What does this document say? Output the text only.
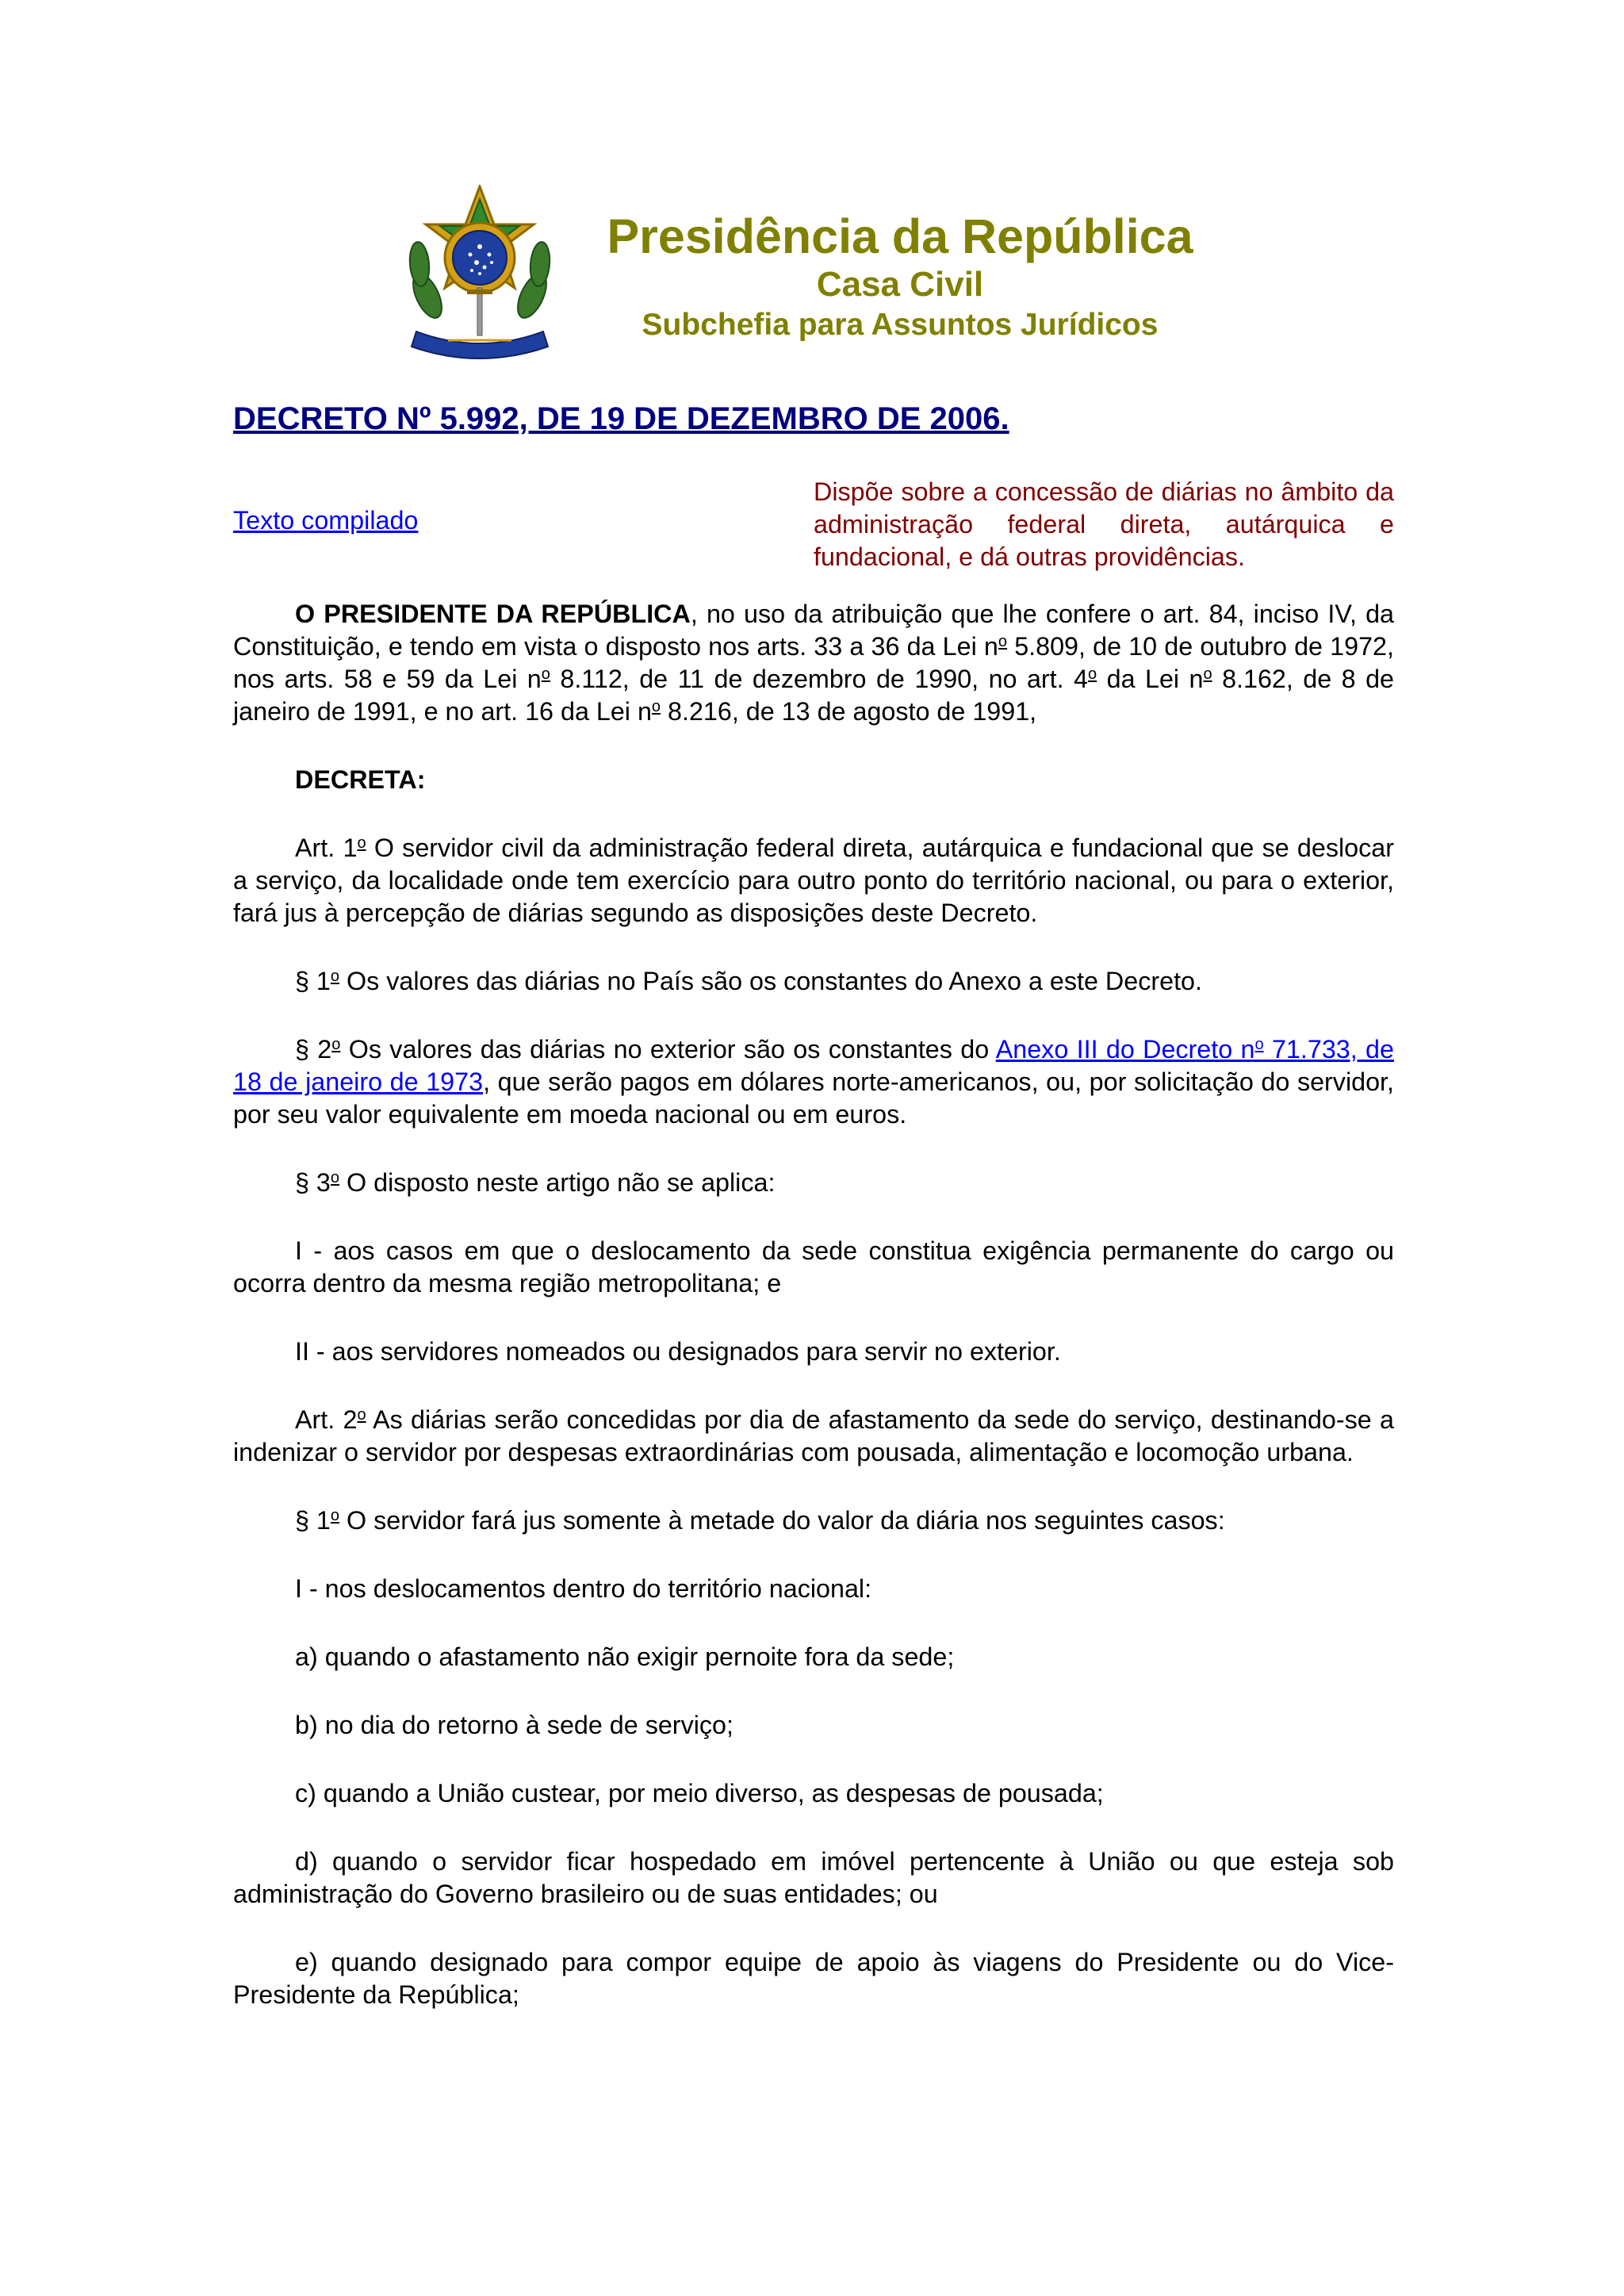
Presidência da República
Casa Civil
Subchefia para Assuntos Jurídicos
DECRETO Nº 5.992, DE 19 DE DEZEMBRO DE 2006.
Texto compilado
Dispõe sobre a concessão de diárias no âmbito da administração federal direta, autárquica e fundacional, e dá outras providências.

O PRESIDENTE DA REPÚBLICA, no uso da atribuição que lhe confere o art. 84, inciso IV, da Constituição, e tendo em vista o disposto nos arts. 33 a 36 da Lei $n^o$ 5.809, de 10 de outubro de 1972, nos arts. 58 e 59 da Lei $n^o$ 8.112, de 11 de dezembro de 1990, no art. 4$^o$ da Lei $n^o$ 8.162, de 8 de janeiro de 1991, e no art. 16 da Lei $n^o$ 8.216, de 13 de agosto de 1991,

DECRETA:

Art. 1$^o$ O servidor civil da administração federal direta, autárquica e fundacional que se deslocar a serviço, da localidade onde tem exercício para outro ponto do território nacional, ou para o exterior, fará jus à percepção de diárias segundo as disposições deste Decreto.

§ 1$^o$ Os valores das diárias no País são os constantes do Anexo a este Decreto.

§ 2$^o$ Os valores das diárias no exterior são os constantes do Anexo III do Decreto n$^o$ 71.733, de 18 de janeiro de 1973, que serão pagos em dólares norte-americanos, ou, por solicitação do servidor, por seu valor equivalente em moeda nacional ou em euros.

§ 3$^o$ O disposto neste artigo não se aplica:

I - aos casos em que o deslocamento da sede constitua exigência permanente do cargo ou ocorra dentro da mesma região metropolitana; e

II - aos servidores nomeados ou designados para servir no exterior.

Art. 2$^o$ As diárias serão concedidas por dia de afastamento da sede do serviço, destinando-se a indenizar o servidor por despesas extraordinárias com pousada, alimentação e locomoção urbana.

§ 1$^o$ O servidor fará jus somente à metade do valor da diária nos seguintes casos:

I - nos deslocamentos dentro do território nacional:

a) quando o afastamento não exigir pernoite fora da sede;

b) no dia do retorno à sede de serviço;

c) quando a União custear, por meio diverso, as despesas de pousada;

d) quando o servidor ficar hospedado em imóvel pertencente à União ou que esteja sob administração do Governo brasileiro ou de suas entidades; ou

e) quando designado para compor equipe de apoio às viagens do Presidente ou do Vice-Presidente da República;
